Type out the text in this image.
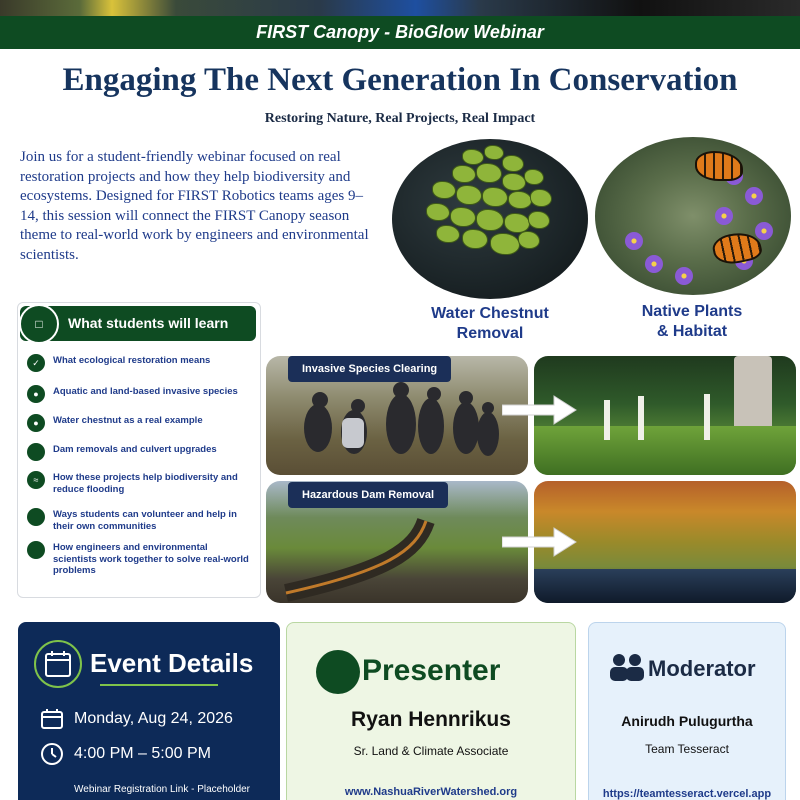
FIRST Canopy - BioGlow Webinar
Engaging The Next Generation In Conservation
Restoring Nature, Real Projects, Real Impact
Join us for a student-friendly webinar focused on real restoration projects and how they help biodiversity and ecosystems. Designed for FIRST Robotics teams ages 9–14, this session will connect the FIRST Canopy season theme to real-world work by engineers and environmental scientists.
Water Chestnut
Removal
Native Plants
& Habitat
What students will learn
□
✓	What ecological restoration means
●	Aquatic and land-based invasive species
●	Water chestnut as a real example
Dam removals and culvert upgrades
≈	How these projects help biodiversity and reduce flooding
Ways students can volunteer and help in their own communities
How engineers and environmental scientists work together to solve real-world problems
Invasive Species Clearing
Hazardous Dam Removal
Event Details
Monday, Aug 24, 2026
4:00 PM – 5:00 PM
Webinar Registration Link - Placeholder
Presenter
Ryan Hennrikus
Sr. Land & Climate Associate
www.NashuaRiverWatershed.org
Moderator
Anirudh Pulugurtha
Team Tesseract
https://teamtesseract.vercel.app
